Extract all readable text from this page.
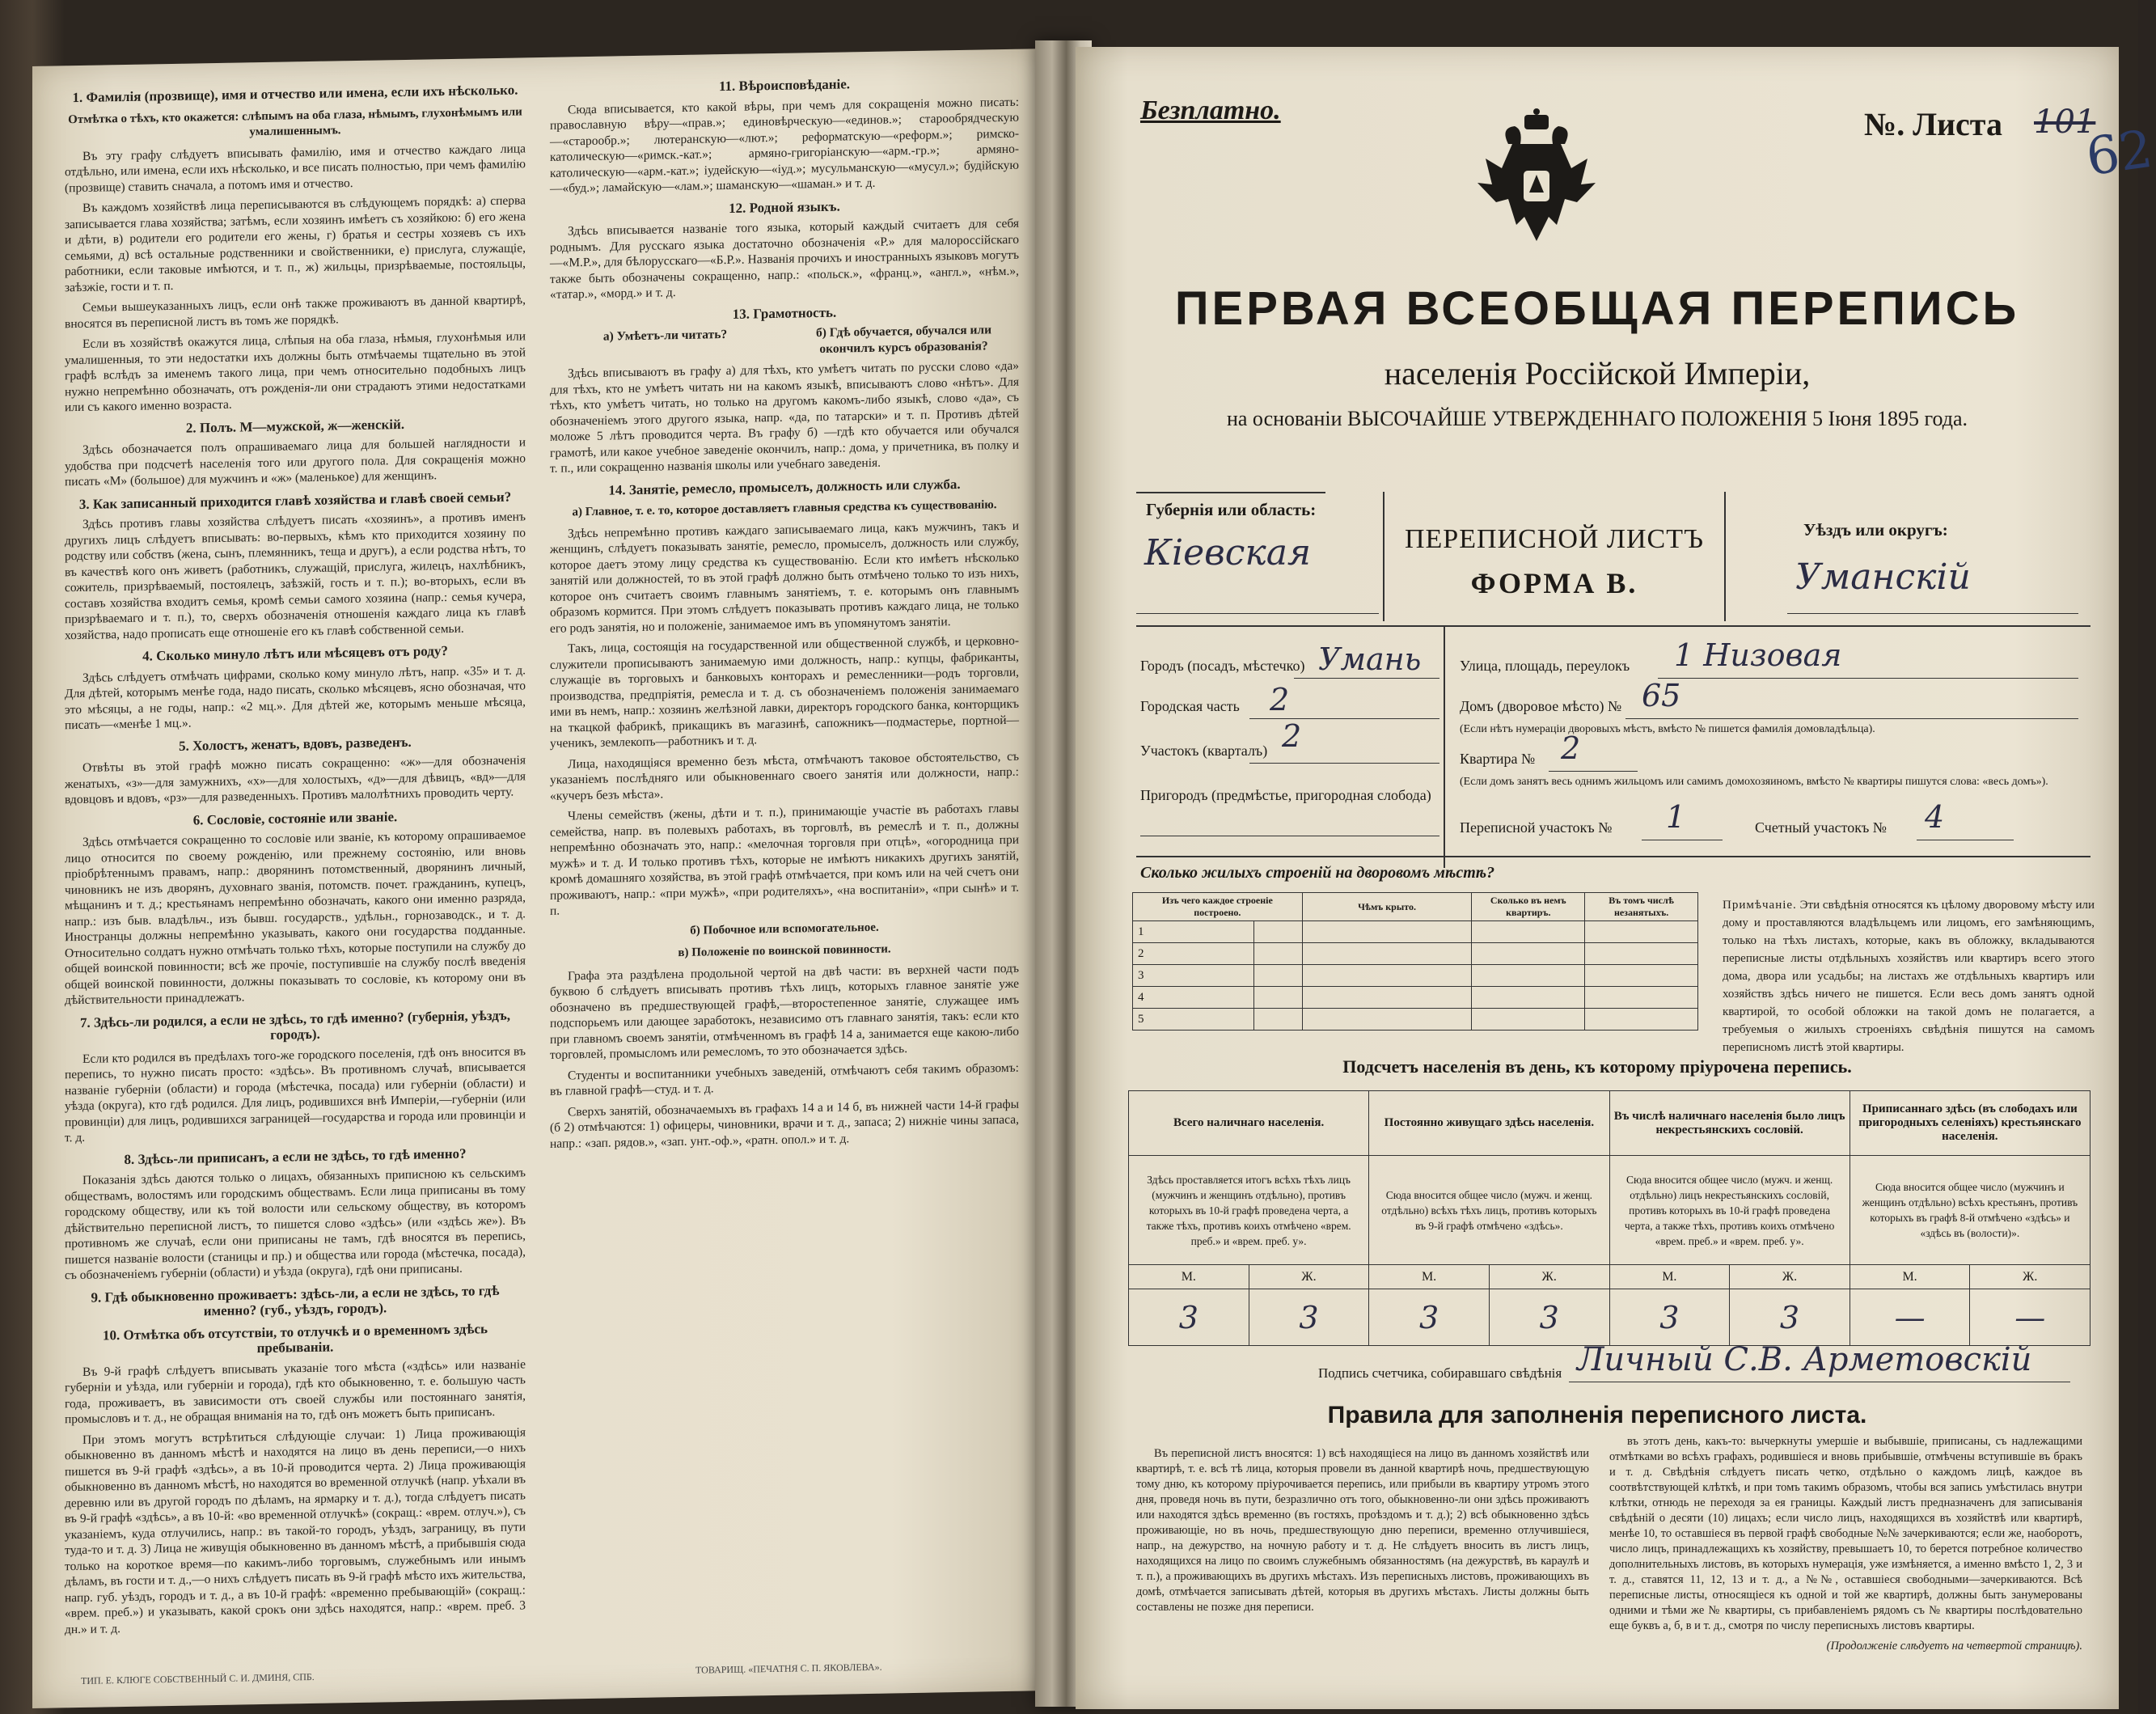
1. Фамилія (прозвище), имя и отчество или имена, если ихъ нѣсколько.
Отмѣтка о тѣхъ, кто окажется: слѣпымъ на оба глаза, нѣмымъ, глухонѣмымъ или умалишеннымъ.

Въ эту графу слѣдуетъ вписывать фамилію, имя и отчество каждаго лица отдѣльно, или имена, если ихъ нѣсколько, и все писать полностью, при чемъ фамилію (прозвище) ставить сначала, а потомъ имя и отчество.

Въ каждомъ хозяйствѣ лица переписываются въ слѣдующемъ порядкѣ: а) сперва записывается глава хозяйства; затѣмъ, если хозяинъ имѣетъ съ хозяйкою: б) его жена и дѣти, в) родители его родители его жены, г) братья и сестры хозяевъ съ ихъ семьями, д) всѣ остальные родственники и свойственники, е) прислуга, служащіе, работники, если таковые имѣются, и т. п., ж) жильцы, призрѣваемые, постояльцы, заѣзжіе, гости и т. п.

Семьи вышеуказанныхъ лицъ, если онѣ также проживаютъ въ данной квартирѣ, вносятся въ переписной листъ въ томъ же порядкѣ.

Если въ хозяйствѣ окажутся лица, слѣпыя на оба глаза, нѣмыя, глухонѣмыя или умалишенныя, то эти недостатки ихъ должны быть отмѣчаемы тщательно въ этой графѣ вслѣдъ за именемъ такого лица, при чемъ относительно подобныхъ лицъ нужно непремѣнно обозначать, отъ рожденія-ли они страдаютъ этими недостатками или съ какого именно возраста.

2. Полъ. М—мужской, ж—женскій.

Здѣсь обозначается полъ опрашиваемаго лица для большей наглядности и удобства при подсчетѣ населенія того или другого пола. Для сокращенія можно писать «М» (большое) для мужчинъ и «ж» (маленькое) для женщинъ.

3. Как записанный приходится главѣ хозяйства и главѣ своей семьи?

Здѣсь противъ главы хозяйства слѣдуетъ писать «хозяинъ», а противъ именъ другихъ лицъ слѣдуетъ вписывать: во-первыхъ, кѣмъ кто приходится хозяину по родству или собствъ (жена, сынъ, племянникъ, теща и другъ), а если родства нѣтъ, то въ качествѣ кого онъ живетъ (работникъ, служащій, прислуга, жилецъ, нахлѣбникъ, сожитель, призрѣваемый, постоялецъ, заѣзжій, гость и т. п.); во-вторыхъ, если въ составъ хозяйства входитъ семья, кромѣ семьи самого хозяина (напр.: семья кучера, призрѣваемаго и т. п.), то, сверхъ обозначенія отношенія каждаго лица къ главѣ хозяйства, надо прописать еще отношеніе его къ главѣ собственной семьи.

4. Сколько минуло лѣтъ или мѣсяцевъ отъ роду?

Здѣсь слѣдуетъ отмѣчать цифрами, сколько кому минуло лѣтъ, напр. «35» и т. д. Для дѣтей, которымъ менѣе года, надо писать, сколько мѣсяцевъ, ясно обозначая, что это мѣсяцы, а не годы, напр.: «2 мц.». Для дѣтей же, которымъ меньше мѣсяца, писать—«менѣе 1 мц.».

5. Холостъ, женатъ, вдовъ, разведенъ.

Отвѣты въ этой графѣ можно писать сокращенно: «ж»—для обозначенія женатыхъ, «з»—для замужнихъ, «х»—для холостыхъ, «д»—для дѣвицъ, «вд»—для вдовцовъ и вдовъ, «рз»—для разведенныхъ. Противъ малолѣтнихъ проводить черту.

6. Сословіе, состояніе или званіе.

Здѣсь отмѣчается сокращенно то сословіе или званіе, къ которому опрашиваемое лицо относится по своему рожденію, или прежнему состоянію, или вновь пріобрѣтеннымъ правамъ, напр.: дворянинъ потомственный, дворянинъ личный, чиновникъ не изъ дворянъ, духовнаго званія, потомств. почет. гражданинъ, купецъ, мѣщанинъ и т. д.; крестьянамъ непремѣнно обозначать, какого они именно разряда, напр.: изъ быв. владѣльч., изъ бывш. государств., удѣльн., горнозаводск., и т. д. Иностранцы должны непремѣнно указывать, какого они государства подданные. Относительно солдатъ нужно отмѣчать только тѣхъ, которые поступили на службу до общей воинской повинности; всѣ же прочіе, поступившіе на службу послѣ введенія общей воинской повинности, должны показывать то сословіе, къ которому они въ дѣйствительности принадлежатъ.

7. Здѣсь-ли родился, а если не здѣсь, то гдѣ именно? (губернія, уѣздъ, городъ).

Если кто родился въ предѣлахъ того-же городского поселенія, гдѣ онъ вносится въ перепись, то нужно писать просто: «здѣсь». Въ противномъ случаѣ, вписывается названіе губерніи (области) и города (мѣстечка, посада) или губерніи (области) и уѣзда (округа), кто гдѣ родился. Для лицъ, родившихся внѣ Имперіи,—губерніи (или провинціи) для лицъ, родившихся заграницей—государства и города или провинціи и т. д.

8. Здѣсь-ли приписанъ, а если не здѣсь, то гдѣ именно?

Показанія здѣсь даются только о лицахъ, обязанныхъ приписною къ сельскимъ обществамъ, волостямъ или городскимъ обществамъ. Если лица приписаны въ тому городскому обществу, или къ той волости или сельскому обществу, въ которомъ дѣйствительно переписной листъ, то пишется слово «здѣсь» (или «здѣсь же»). Въ противномъ же случаѣ, если они приписаны не тамъ, гдѣ вносятся въ перепись, пишется названіе волости (станицы и пр.) и общества или города (мѣстечка, посада), съ обозначеніемъ губерніи (области) и уѣзда (округа), гдѣ они приписаны.

9. Гдѣ обыкновенно проживаетъ: здѣсь-ли, а если не здѣсь, то гдѣ именно? (губ., уѣздъ, городъ).
10. Отмѣтка объ отсутствіи, то отлучкѣ и о временномъ здѣсь пребываніи.

Въ 9-й графѣ слѣдуетъ вписывать указаніе того мѣста («здѣсь» или названіе губерніи и уѣзда, или губерніи и города), гдѣ кто обыкновенно, т. е. большую часть года, проживаетъ, въ зависимости отъ своей службы или постояннаго занятія, промысловъ и т. д., не обращая вниманія на то, гдѣ онъ можетъ быть приписанъ.

При этомъ могутъ встрѣтиться слѣдующіе случаи: 1) Лица проживающія обыкновенно въ данномъ мѣстѣ и находятся на лицо въ день переписи,—о нихъ пишется въ 9-й графѣ «здѣсь», а въ 10-й проводится черта. 2) Лица проживающія обыкновенно въ данномъ мѣстѣ, но находятся во временной отлучкѣ (напр. уѣхали въ деревню или въ другой городъ по дѣламъ, на ярмарку и т. д.), тогда слѣдуетъ писать въ 9-й графѣ «здѣсь», а въ 10-й: «во временной отлучкѣ» (сокращ.: «врем. отлуч.»), съ указаніемъ, куда отлучились, напр.: въ такой-то городъ, уѣздъ, заграницу, въ пути туда-то и т. д. 3) Лица не живущія обыкновенно въ данномъ мѣстѣ, а прибывшія сюда только на короткое время—по какимъ-либо торговымъ, служебнымъ или инымъ дѣламъ, въ гости и т. д.,—о нихъ слѣдуетъ писать въ 9-й графѣ мѣсто ихъ жительства, напр. губ. уѣздъ, городъ и т. д., а въ 10-й графѣ: «временно пребывающій» (сокращ.: «врем. преб.») и указывать, какой срокъ они здѣсь находятся, напр.: «врем. преб. 3 дн.» и т. д.

ТИП. Е. КЛЮГЕ СОБСТВЕННЫЙ С. И. ДМИНЯ, СПБ.
11. Вѣроисповѣданіе.

Сюда вписывается, кто какой вѣры, при чемъ для сокращенія можно писать: православную вѣру—«прав.»; единовѣрческую—«единов.»; старообрядческую—«старообр.»; лютеранскую—«лют.»; реформатскую—«реформ.»; римско-католическую—«римск.-кат.»; армяно-григоріанскую—«арм.-гр.»; армяно-католическую—«арм.-кат.»; іудейскую—«іуд.»; мусульманскую—«мусул.»; будійскую—«буд.»; ламайскую—«лам.»; шаманскую—«шаман.» и т. д.

12. Родной языкъ.

Здѣсь вписывается названіе того языка, который каждый считаетъ для себя роднымъ. Для русскаго языка достаточно обозначенія «Р.» для малороссійскаго—«М.Р.», для бѣлорусскаго—«Б.Р.». Названія прочихъ и иностранныхъ языковъ могутъ также быть обозначены сокращенно, напр.: «польск.», «франц.», «англ.», «нѣм.», «татар.», «морд.» и т. д.

13. Грамотность.
а) Умѣетъ-ли читать?	б) Гдѣ обучается, обучался или окончилъ курсъ образованія?

Здѣсь вписываютъ въ графу а) для тѣхъ, кто умѣетъ читать по русски слово «да» для тѣхъ, кто не умѣетъ читать ни на какомъ языкѣ, вписываютъ слово «нѣтъ». Для тѣхъ, кто умѣетъ читать, но только на другомъ какомъ-либо языкѣ, слово «да», съ обозначеніемъ этого другого языка, напр. «да, по татарски» и т. п. Противъ дѣтей моложе 5 лѣтъ проводится черта. Въ графу б) —гдѣ кто обучается или обучался грамотѣ, или какое учебное заведеніе окончилъ, напр.: дома, у причетника, въ полку и т. п., или сокращенно названія школы или учебнаго заведенія.

14. Занятіе, ремесло, промыселъ, должность или служба.
а) Главное, т. е. то, которое доставляетъ главныя средства къ существованію.

Здѣсь непремѣнно противъ каждаго записываемаго лица, какъ мужчинъ, такъ и женщинъ, слѣдуетъ показывать занятіе, ремесло, промыселъ, должность или службу, которое даетъ этому лицу средства къ существованію. Если кто имѣетъ нѣсколько занятій или должностей, то въ этой графѣ должно быть отмѣчено только то изъ нихъ, которое онъ считаетъ своимъ главнымъ занятіемъ, т. е. которымъ онъ главнымъ образомъ кормится. При этомъ слѣдуетъ показывать противъ каждаго лица, не только его родъ занятія, но и положеніе, занимаемое имъ въ упомянутомъ занятіи.

Такъ, лица, состоящія на государственной или общественной службѣ, и церковно-служители прописываютъ занимаемую ими должность, напр.: купцы, фабриканты, служащіе въ торговыхъ и банковыхъ конторахъ и ремесленники—родъ торговли, производства, предпріятія, ремесла и т. д. съ обозначеніемъ положенія занимаемаго ими въ немъ, напр.: хозяинъ желѣзной лавки, директоръ городского банка, конторщикъ на ткацкой фабрикѣ, прикащикъ въ магазинѣ, сапожникъ—подмастерье, портной—ученикъ, землекопъ—работникъ и т. д.

Лица, находящіяся временно безъ мѣста, отмѣчаютъ таковое обстоятельство, съ указаніемъ послѣдняго или обыкновеннаго своего занятія или должности, напр.: «кучеръ безъ мѣста».

Члены семействъ (жены, дѣти и т. п.), принимающіе участіе въ работахъ главы семейства, напр. въ полевыхъ работахъ, въ торговлѣ, въ ремеслѣ и т. п., должны непремѣнно обозначать это, напр.: «мелочная торговля при отцѣ», «огородница при мужѣ» и т. д. И только противъ тѣхъ, которые не имѣютъ никакихъ другихъ занятій, кромѣ домашняго хозяйства, въ этой графѣ отмѣчается, при комъ или на чей счетъ они проживаютъ, напр.: «при мужѣ», «при родителяхъ», «на воспитаніи», «при сынѣ» и т. п.

б) Побочное или вспомогательное.
в) Положеніе по воинской повинности.

Графа эта раздѣлена продольной чертой на двѣ части: въ верхней части подъ буквою б слѣдуетъ вписывать противъ тѣхъ лицъ, которыхъ главное занятіе уже обозначено въ предшествующей графѣ,—второстепенное занятіе, служащее имъ подспорьемъ или дающее заработокъ, независимо отъ главнаго занятія, такъ: если кто при главномъ своемъ занятіи, отмѣченномъ въ графѣ 14 а, занимается еще какою-либо торговлей, промысломъ или ремесломъ, то это обозначается здѣсь.

Студенты и воспитанники учебныхъ заведеній, отмѣчаютъ себя такимъ образомъ: въ главной графѣ—студ. и т. д.

Сверхъ занятій, обозначаемыхъ въ графахъ 14 а и 14 б, въ нижней части 14-й графы (б 2) отмѣчаются: 1) офицеры, чиновники, врачи и т. д., запаса; 2) нижніе чины запаса, напр.: «зап. рядов.», «зап. унт.-оф.», «ратн. опол.» и т. д.

ТОВАРИЩ. «ПЕЧАТНЯ С. П. ЯКОВЛЕВА».
Безплатно.	№. Листа 101
62
ПЕРВАЯ ВСЕОБЩАЯ ПЕРЕПИСЬ
населенія Россійской Имперіи,
на основаніи ВЫСОЧАЙШЕ УТВЕРЖДЕННАГО ПОЛОЖЕНІЯ 5 Іюня 1895 года.
Губернія или область:
Кіевская	ПЕРЕПИСНОЙ ЛИСТЪ
ФОРМА В.
Уѣздъ или округъ:
Уманскій
Городъ (посадъ, мѣстечко) Умань
Городская часть 2
Участокъ (кварталъ) 2
Пригородъ (предмѣстье, пригородная слобода)
Улица, площадь, переулокъ 1 Низовая
Домъ (дворовое мѣсто) № 65
(Если нѣтъ нумераціи дворовыхъ мѣстъ, вмѣсто № пишется фамилія домовладѣльца).
Квартира № 2
(Если домъ занятъ весь однимъ жильцомъ или самимъ домохозяиномъ, вмѣсто № квартиры пишутся слова: «весь домъ»).
Переписной участокъ № 1	Счетный участокъ № 4
Сколько жилыхъ строеній на дворовомъ мѣстѣ?
Изъ чего каждое строеніе построено.		Чѣмъ крыто.	Сколько въ немъ квартиръ.	Въ томъ числѣ незанятыхъ.
1				
2				
3				
4				
5				
Примѣчаніе. Эти свѣдѣнія относятся къ цѣлому дворовому мѣсту или дому и проставляются владѣльцемъ или лицомъ, его замѣняющимъ, только на тѣхъ листахъ, которые, какъ въ обложку, вкладываются переписные листы отдѣльныхъ хозяйствъ или квартиръ всего этого дома, двора или усадьбы; на листахъ же отдѣльныхъ квартиръ или хозяйствъ здѣсь ничего не пишется. Если весь домъ занятъ одной квартирой, то особой обложки на такой домъ не полагается, а требуемыя о жилыхъ строеніяхъ свѣдѣнія пишутся на самомъ переписномъ листѣ этой квартиры.
Подсчетъ населенія въ день, къ которому пріурочена перепись.
Всего наличнаго населенія.		Постоянно живущаго здѣсь населенія.		Въ числѣ наличнаго населенія было лицъ некрестьянскихъ сословій.		Приписаннаго здѣсь (въ слободахъ или пригородныхъ селеніяхъ) крестьянскаго населенія.	
Здѣсь проставляется итогъ всѣхъ тѣхъ лицъ (мужчинъ и женщинъ отдѣльно), противъ которыхъ въ 10-й графѣ проведена черта, а также тѣхъ, противъ коихъ отмѣчено «врем. преб.» и «врем. преб. у».		Сюда вносится общее число (мужч. и женщ. отдѣльно) всѣхъ тѣхъ лицъ, противъ которыхъ въ 9-й графѣ отмѣчено «здѣсь».		Сюда вносится общее число (мужч. и женщ. отдѣльно) лицъ некрестьянскихъ сословій, противъ которыхъ въ 10-й графѣ проведена черта, а также тѣхъ, противъ коихъ отмѣчено «врем. преб.» и «врем. преб. у».		Сюда вносится общее число (мужчинъ и женщинъ отдѣльно) всѣхъ крестьянъ, противъ которыхъ въ графѣ 8-й отмѣчено «здѣсь» и «здѣсь въ (волости)».	
М.	Ж.	М.	Ж.	М.	Ж.	М.	Ж.
3	3	3	3	3	3	—	—
Подпись счетчика, собиравшаго свѣдѣнія Личный С.В. Арметовскій
Правила для заполненія переписного листа.

Въ переписной листъ вносятся: 1) всѣ находящіеся на лицо въ данномъ хозяйствѣ или квартирѣ, т. е. всѣ тѣ лица, которыя провели въ данной квартирѣ ночь, предшествующую тому дню, къ которому пріурочивается перепись, или прибыли въ квартиру утромъ этого дня, проведя ночь въ пути, безразлично отъ того, обыкновенно-ли они здѣсь проживаютъ или находятся здѣсь временно (въ гостяхъ, проѣздомъ и т. д.); 2) всѣ обыкновенно здѣсь проживающіе, но въ ночь, предшествующую дню переписи, временно отлучившіеся, напр., на дежурство, на ночную работу и т. д. Не слѣдуетъ вносить въ листъ лицъ, находящихся на лицо по своимъ служебнымъ обязанностямъ (на дежурствѣ, въ караулѣ и т. п.), а проживающихъ въ другихъ мѣстахъ. Изъ переписныхъ листовъ, проживающихъ въ домѣ, отмѣчается записывать дѣтей, которыя въ другихъ мѣстахъ. Листы должны быть составлены не позже дня переписи.

въ этотъ день, какъ-то: вычеркнуты умершіе и выбывшіе, приписаны, съ надлежащими отмѣтками во всѣхъ графахъ, родившіеся и вновь прибывшіе, отмѣчены вступившіе въ бракъ и т. д. Свѣдѣнія слѣдуетъ писать четко, отдѣльно о каждомъ лицѣ, каждое въ соотвѣтствующей клѣткѣ, и при томъ такимъ образомъ, чтобы вся запись умѣстилась внутри клѣтки, отнюдь не переходя за ея границы. Каждый листъ предназначенъ для записыванія свѣдѣній о десяти (10) лицахъ; если число лицъ, находящихся въ хозяйствѣ или квартирѣ, менѣе 10, то оставшіеся въ первой графѣ свободные №№ зачеркиваются; если же, наоборотъ, число лицъ, принадлежащихъ къ хозяйству, превышаетъ 10, то берется потребное количество дополнительныхъ листовъ, въ которыхъ нумерація, уже измѣняется, а именно вмѣсто 1, 2, 3 и т. д., ставятся 11, 12, 13 и т. д., а №№, оставшіеся свободными—зачеркиваются. Всѣ переписные листы, относящіеся къ одной и той же квартирѣ, должны быть занумерованы одними и тѣми же № квартиры, съ прибавленіемъ рядомъ съ № квартиры послѣдовательно еще буквъ а, б, в и т. д., смотря по числу переписныхъ листовъ квартиры.

(Продолженіе слѣдуетъ на четвертой страницѣ).
